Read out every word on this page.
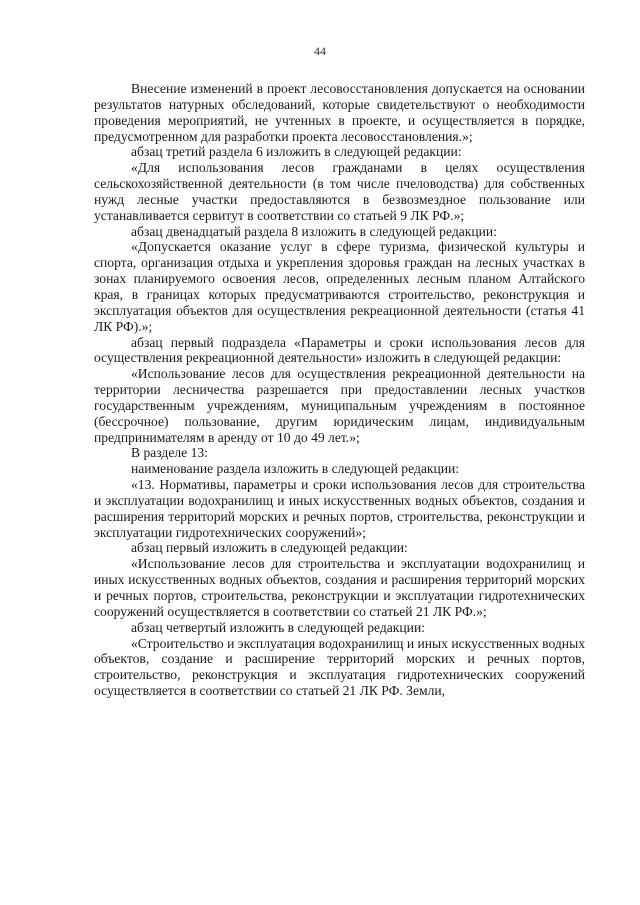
44

Внесение изменений в проект лесовосстановления допускается на основании результатов натурных обследований, которые свидетельствуют о необходимости проведения мероприятий, не учтенных в проекте, и осуществляется в порядке, предусмотренном для разработки проекта лесовосстановления.»;

абзац третий раздела 6 изложить в следующей редакции:

«Для использования лесов гражданами в целях осуществления сельскохозяйственной деятельности (в том числе пчеловодства) для собственных нужд лесные участки предоставляются в безвозмездное пользование или устанавливается сервитут в соответствии со статьей 9 ЛК РФ.»;

абзац двенадцатый раздела 8 изложить в следующей редакции:

«Допускается оказание услуг в сфере туризма, физической культуры и спорта, организация отдыха и укрепления здоровья граждан на лесных участках в зонах планируемого освоения лесов, определенных лесным планом Алтайского края, в границах которых предусматриваются строительство, реконструкция и эксплуатация объектов для осуществления рекреационной деятельности (статья 41 ЛК РФ).»;

абзац первый подраздела «Параметры и сроки использования лесов для осуществления рекреационной деятельности» изложить в следующей редакции:

«Использование лесов для осуществления рекреационной деятельности на территории лесничества разрешается при предоставлении лесных участков государственным учреждениям, муниципальным учреждениям в постоянное (бессрочное) пользование, другим юридическим лицам, индивидуальным предпринимателям в аренду от 10 до 49 лет.»;

В разделе 13:

наименование раздела изложить в следующей редакции:

«13. Нормативы, параметры и сроки использования лесов для строительства и эксплуатации водохранилищ и иных искусственных водных объектов, создания и расширения территорий морских и речных портов, строительства, реконструкции и эксплуатации гидротехнических сооружений»;

абзац первый изложить в следующей редакции:

«Использование лесов для строительства и эксплуатации водохранилищ и иных искусственных водных объектов, создания и расширения территорий морских и речных портов, строительства, реконструкции и эксплуатации гидротехнических сооружений осуществляется в соответствии со статьей 21 ЛК РФ.»;

абзац четвертый изложить в следующей редакции:

«Строительство и эксплуатация водохранилищ и иных искусственных водных объектов, создание и расширение территорий морских и речных портов, строительство, реконструкция и эксплуатация гидротехнических сооружений осуществляется в соответствии со статьей 21 ЛК РФ. Земли,
